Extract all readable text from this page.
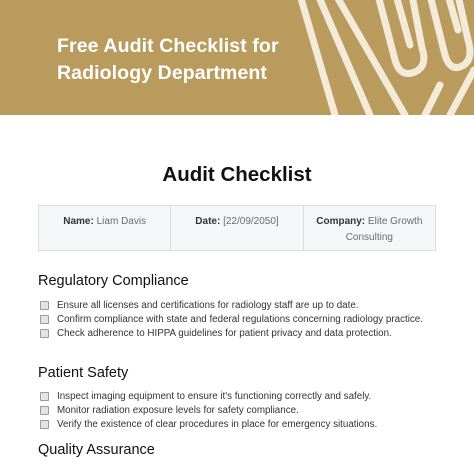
Free Audit Checklist for Radiology Department
Audit Checklist
Name: Liam Davis	Date: [22/09/2050]	Company: Elite Growth Consulting
Regulatory Compliance
Ensure all licenses and certifications for radiology staff are up to date.
Confirm compliance with state and federal regulations concerning radiology practice.
Check adherence to HIPPA guidelines for patient privacy and data protection.
Patient Safety
Inspect imaging equipment to ensure it's functioning correctly and safely.
Monitor radiation exposure levels for safety compliance.
Verify the existence of clear procedures in place for emergency situations.
Quality Assurance
